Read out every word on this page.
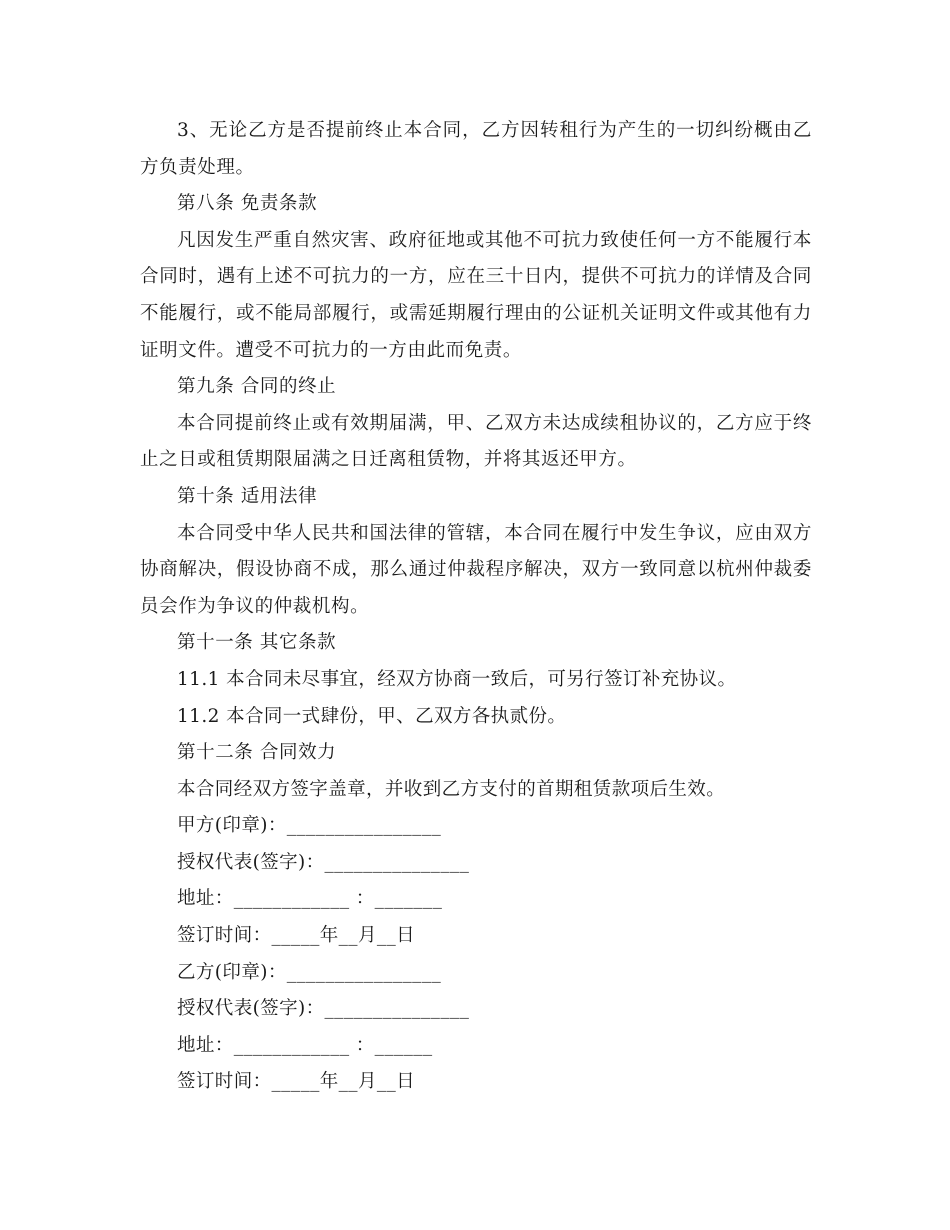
3、无论乙方是否提前终止本合同，乙方因转租行为产生的一切纠纷概由乙方负责处理。

第八条 免责条款

凡因发生严重自然灾害、政府征地或其他不可抗力致使任何一方不能履行本合同时，遇有上述不可抗力的一方，应在三十日内，提供不可抗力的详情及合同不能履行，或不能局部履行，或需延期履行理由的公证机关证明文件或其他有力证明文件。遭受不可抗力的一方由此而免责。

第九条 合同的终止

本合同提前终止或有效期届满，甲、乙双方未达成续租协议的，乙方应于终止之日或租赁期限届满之日迁离租赁物，并将其返还甲方。

第十条 适用法律

本合同受中华人民共和国法律的管辖，本合同在履行中发生争议，应由双方协商解决，假设协商不成，那么通过仲裁程序解决，双方一致同意以杭州仲裁委员会作为争议的仲裁机构。

第十一条 其它条款

11.1 本合同未尽事宜，经双方协商一致后，可另行签订补充协议。

11.2 本合同一式肆份，甲、乙双方各执贰份。

第十二条 合同效力

本合同经双方签字盖章，并收到乙方支付的首期租赁款项后生效。

甲方(印章)：________________

授权代表(签字)：_______________

地址：____________ ：_______

签订时间：_____年__月__日

乙方(印章)：________________

授权代表(签字)：_______________

地址：____________ ：______

签订时间：_____年__月__日
